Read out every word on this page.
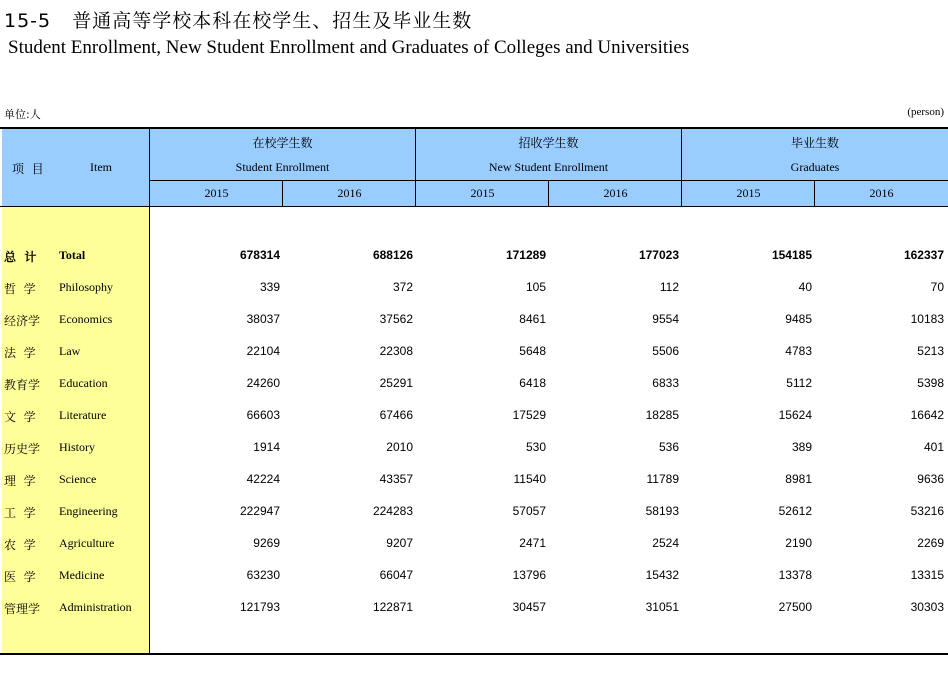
15-5 普通高等学校本科在校学生、招生及毕业生数
Student Enrollment, New Student Enrollment and Graduates of Colleges and Universities
单位:人	(person)
项  目	Item
在校学生数
Student Enrollment
招收学生数
New Student Enrollment
毕业生数
Graduates
2015	2016	2015	2016	2015	2016
总  计 Total	678314	688126	171289	177023	154185	162337
哲  学 Philosophy	339	372	105	112	40	70
经济学 Economics	38037	37562	8461	9554	9485	10183
法  学 Law	22104	22308	5648	5506	4783	5213
教育学 Education	24260	25291	6418	6833	5112	5398
文  学 Literature	66603	67466	17529	18285	15624	16642
历史学 History	1914	2010	530	536	389	401
理  学 Science	42224	43357	11540	11789	8981	9636
工  学 Engineering	222947	224283	57057	58193	52612	53216
农  学 Agriculture	9269	9207	2471	2524	2190	2269
医  学 Medicine	63230	66047	13796	15432	13378	13315
管理学 Administration	121793	122871	30457	31051	27500	30303
